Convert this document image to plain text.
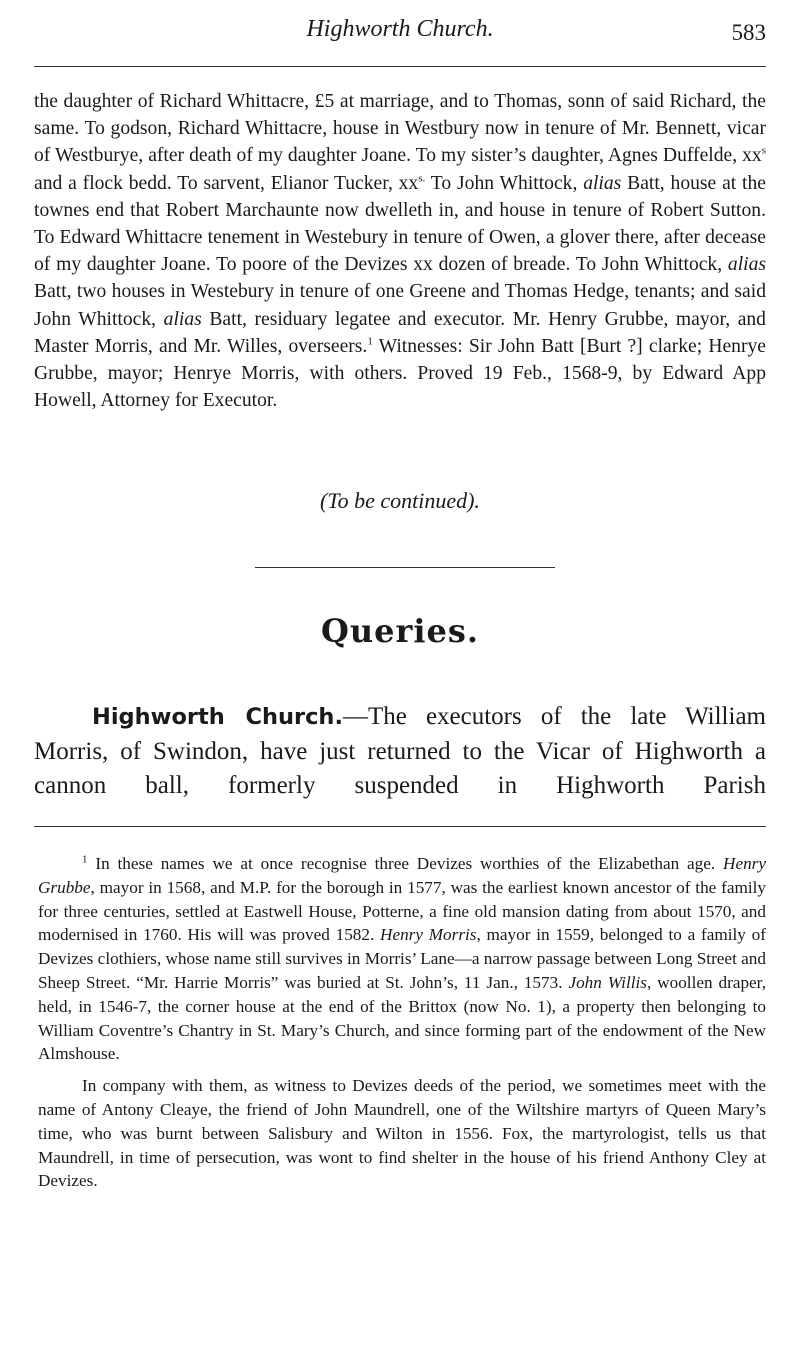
Highworth Church.	583

the daughter of Richard Whittacre, £5 at marriage, and to Thomas, sonn of said Richard, the same. To godson, Richard Whittacre, house in Westbury now in tenure of Mr. Bennett, vicar of Westburye, after death of my daughter Joane. To my sister’s daughter, Agnes Duffelde, $xx^s$ and a flock bedd. To sarvent, Elianor Tucker, $xx^{s.}$ To John Whittock, alias Batt, house at the townes end that Robert Marchaunte now dwelleth in, and house in tenure of Robert Sutton. To Edward Whittacre tenement in Westebury in tenure of Owen, a glover there, after decease of my daughter Joane. To poore of the Devizes xx dozen of breade. To John Whittock, alias Batt, two houses in Westebury in tenure of one Greene and Thomas Hedge, tenants; and said John Whittock, alias Batt, residuary legatee and executor. Mr. Henry Grubbe, mayor, and Master Morris, and Mr. Willes, overseers.$^1$ Witnesses: Sir John Batt [Burt ?] clarke; Henrye Grubbe, mayor; Henrye Morris, with others. Proved 19 Feb., 1568-9, by Edward App Howell, Attorney for Executor.

(To be continued).
Queries.

Highworth Church.—The executors of the late William Morris, of Swindon, have just returned to the Vicar of Highworth a cannon ball, formerly suspended in Highworth Parish

$^1$ In these names we at once recognise three Devizes worthies of the Elizabethan age. Henry Grubbe, mayor in 1568, and M.P. for the borough in 1577, was the earliest known ancestor of the family for three centuries, settled at Eastwell House, Potterne, a fine old mansion dating from about 1570, and modernised in 1760. His will was proved 1582. Henry Morris, mayor in 1559, belonged to a family of Devizes clothiers, whose name still survives in Morris’ Lane—a narrow passage between Long Street and Sheep Street. “Mr. Harrie Morris” was buried at St. John’s, 11 Jan., 1573. John Willis, woollen draper, held, in 1546-7, the corner house at the end of the Brittox (now No. 1), a property then belonging to William Coventre’s Chantry in St. Mary’s Church, and since forming part of the endowment of the New Almshouse.

In company with them, as witness to Devizes deeds of the period, we sometimes meet with the name of Antony Cleaye, the friend of John Maundrell, one of the Wiltshire martyrs of Queen Mary’s time, who was burnt between Salisbury and Wilton in 1556. Fox, the martyrologist, tells us that Maundrell, in time of persecution, was wont to find shelter in the house of his friend Anthony Cley at Devizes.
